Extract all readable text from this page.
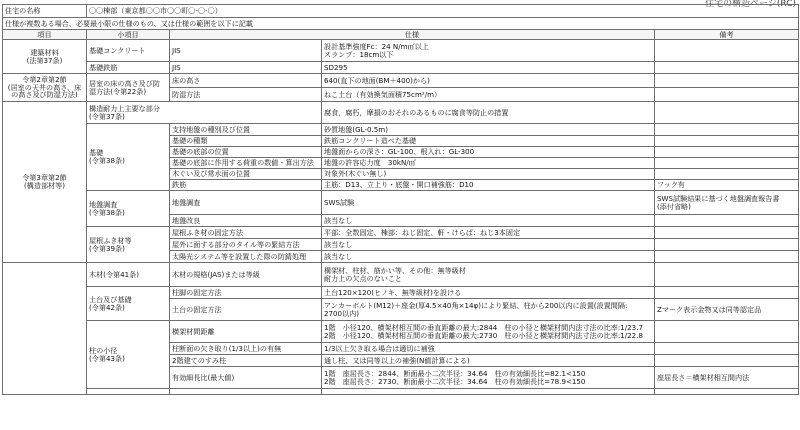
住宅の構造ページ(RC)
住宅の名称	〇〇棟部（東京都〇〇市〇〇町〇-〇-〇）			
仕様が複数ある場合、必要最小限の仕様のもの、又は仕様の範囲を以下に記載				
項目	小項目	仕様		備考
建築材料
(法第37条)	基礎コンクリート	JIS	設計基準強度Fc：24 N/m㎡以上
スランプ：18cm以下	
	基礎鉄筋	JIS	SD295	
令第2章第2節
(居室の天井の高さ、床
の高さ及び防湿方法)	居室の床の高さ及び防湿方法(令第22条)	床の高さ	640(直下の地面(BM＋400)から)	
		防湿方法	ねこ土台（有効換気面積75cm²/m）	
令第3章第2節
(構造部材等)	構造耐力上主要な部分
(令第37条)		腐食，腐朽，摩損のおそれのあるものに腐食等防止の措置	
	基礎
(令第38条)	支持地盤の種別及び位置	砂質地盤(GL-0.5m)	
		基礎の種類	鉄筋コンクリート造べた基礎	
		基礎の底部の位置	地盤面からの深さ：GL-100、根入れ：GL-300	
		基礎の底部に作用する荷重の数値・算出方法	地盤の許容応力度　30kN/㎡	
		木ぐい及び常水面の位置	対象外(木ぐい無し)	
		鉄筋	主筋：D13、立上り・底盤・開口補強筋：D10	フック有
	地盤調査
(令第38条)	地盤調査	SWS試験	SWS試験結果に基づく地盤調査報告書
(添付省略)
		地盤改良	該当なし	
	屋根ふき材等
(令第39条)	屋根ふき材の固定方法	平部：全数固定、棟部：ねじ固定、軒・けらば：ねじ3本固定	
		屋外に面する部分のタイル等の緊結方法	該当なし	
		太陽光システム等を設置した際の防錆処理	該当なし	
	木材(令第41条)	木材の規格(JAS)または等級	構架材、柱材、筋かい等、その他：無等級材
耐力上の欠点のないこと	
	土台及び基礎
(令第42条)	柱脚の固定方法	土台120×120(ヒノキ、無等級材)を設ける	
		土台の固定方法	アンカーボルト(M12)＋座金(厚4.5×40角×14φ)により緊結、柱から200以内に設置(設置間隔:
2700以内)	Zマーク表示金物又は同等認定品
	柱の小径
(令第43条)	横架材間距離	1階　小径120、横架材相互間の垂直距離の最大:2844　柱の小径と横架材間内法寸法の比率:1/23.7
2階　小径120、横架材相互間の垂直距離の最大:2730　柱の小径と横架材間内法寸法の比率:1/22.8	
		柱断面の欠き取り(1/3以上)の有無	1/3以上欠き取る場合は適切に補強	
		2階建てのすみ柱	通し柱、又は同等以上の補強(N値計算による)	
		有効細長比(最大値)	1階　座屈長さ：2844、断面最小二次半径：34.64　柱の有効細長比=82.1<150
2階　座屈長さ：2730、断面最小二次半径：34.64　柱の有効細長比=78.9<150	座屈長さ＝横架材相互間内法
